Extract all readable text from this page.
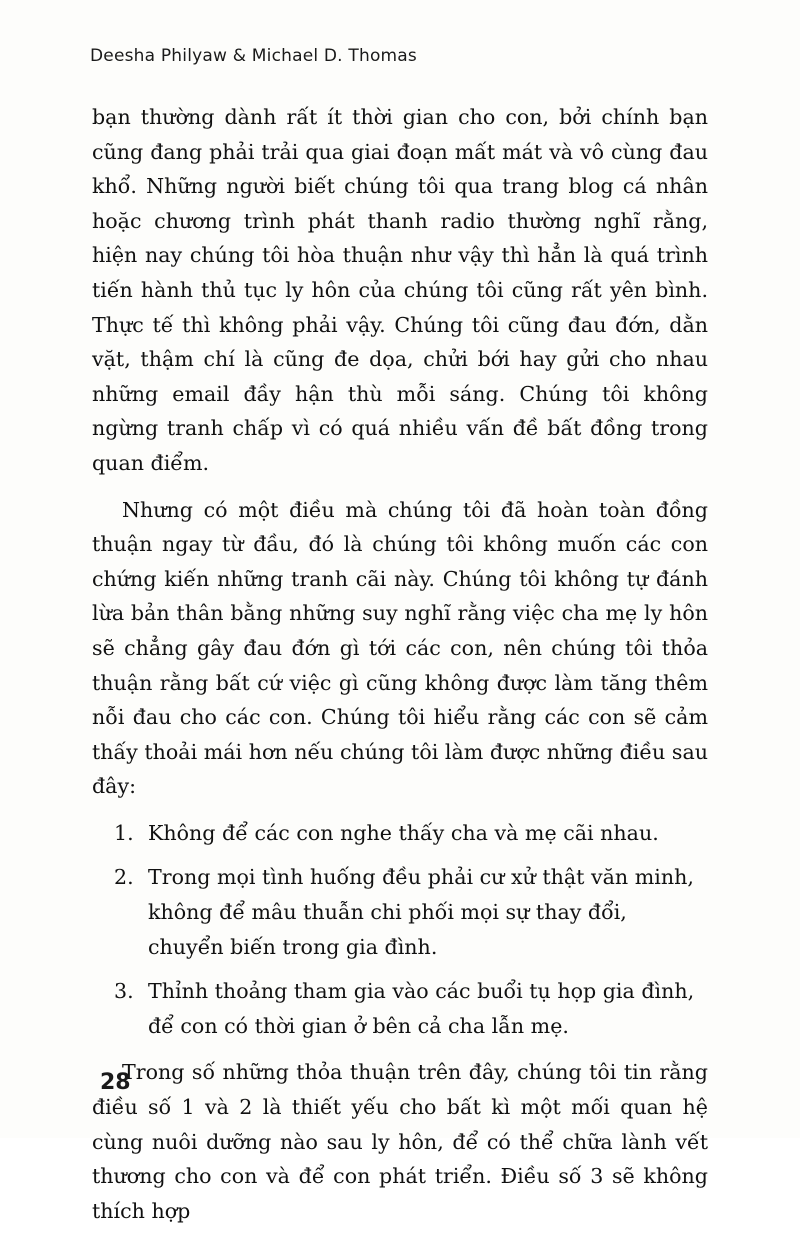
Deesha Philyaw & Michael D. Thomas

bạn thường dành rất ít thời gian cho con, bởi chính bạn cũng đang phải trải qua giai đoạn mất mát và vô cùng đau khổ. Những người biết chúng tôi qua trang blog cá nhân hoặc chương trình phát thanh radio thường nghĩ rằng, hiện nay chúng tôi hòa thuận như vậy thì hẳn là quá trình tiến hành thủ tục ly hôn của chúng tôi cũng rất yên bình. Thực tế thì không phải vậy. Chúng tôi cũng đau đớn, dằn vặt, thậm chí là cũng đe dọa, chửi bới hay gửi cho nhau những email đầy hận thù mỗi sáng. Chúng tôi không ngừng tranh chấp vì có quá nhiều vấn đề bất đồng trong quan điểm.

Nhưng có một điều mà chúng tôi đã hoàn toàn đồng thuận ngay từ đầu, đó là chúng tôi không muốn các con chứng kiến những tranh cãi này. Chúng tôi không tự đánh lừa bản thân bằng những suy nghĩ rằng việc cha mẹ ly hôn sẽ chẳng gây đau đớn gì tới các con, nên chúng tôi thỏa thuận rằng bất cứ việc gì cũng không được làm tăng thêm nỗi đau cho các con. Chúng tôi hiểu rằng các con sẽ cảm thấy thoải mái hơn nếu chúng tôi làm được những điều sau đây:

1. Không để các con nghe thấy cha và mẹ cãi nhau.
2. Trong mọi tình huống đều phải cư xử thật văn minh, không để mâu thuẫn chi phối mọi sự thay đổi, chuyển biến trong gia đình.
3. Thỉnh thoảng tham gia vào các buổi tụ họp gia đình, để con có thời gian ở bên cả cha lẫn mẹ.

Trong số những thỏa thuận trên đây, chúng tôi tin rằng điều số 1 và 2 là thiết yếu cho bất kì một mối quan hệ cùng nuôi dưỡng nào sau ly hôn, để có thể chữa lành vết thương cho con và để con phát triển. Điều số 3 sẽ không thích hợp

28
